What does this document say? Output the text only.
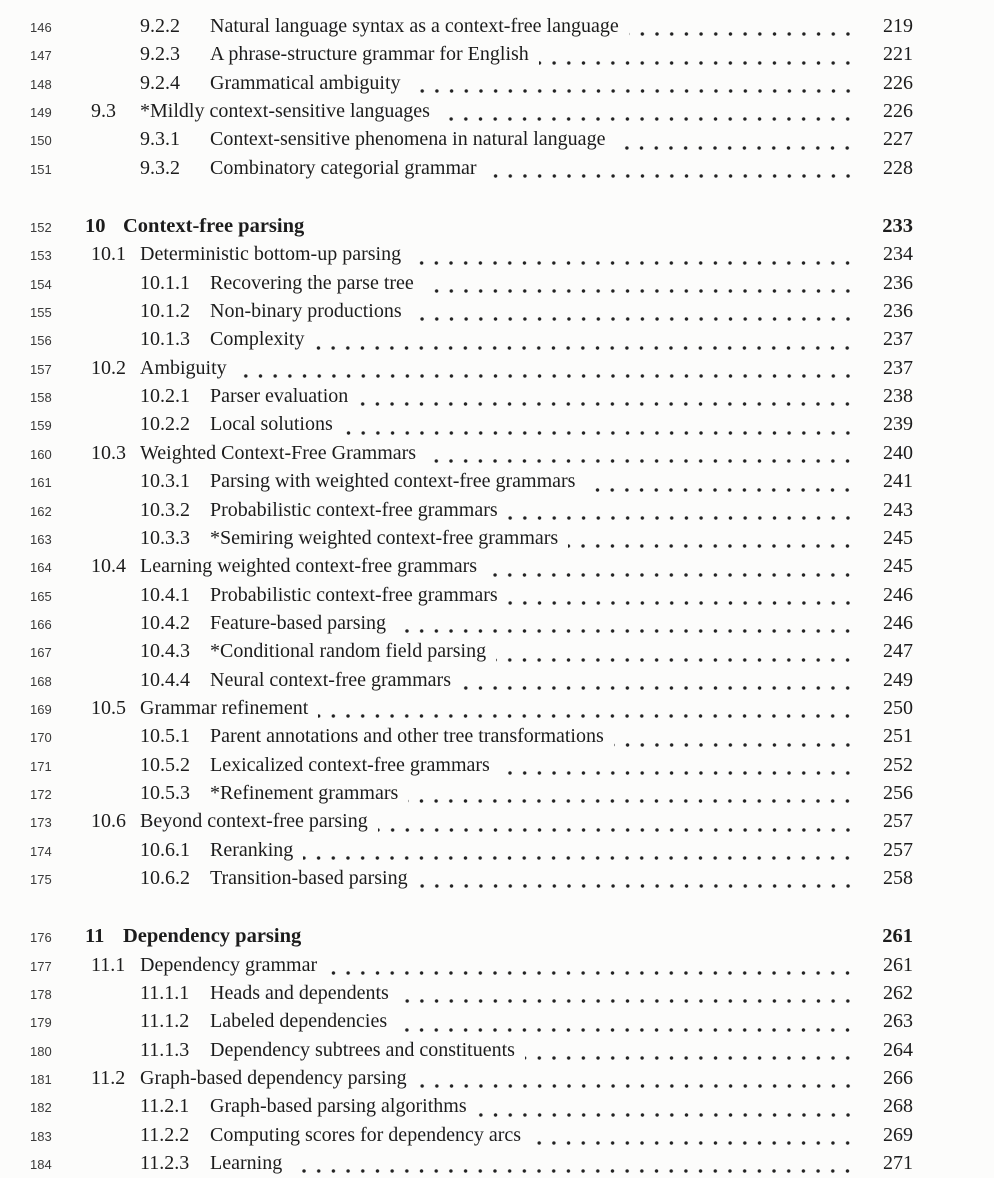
146	9.2.2	Natural language syntax as a context-free language	219
147	9.2.3	A phrase-structure grammar for English	221
148	9.2.4	Grammatical ambiguity	226
149	9.3	*Mildly context-sensitive languages	226
150	9.3.1	Context-sensitive phenomena in natural language	227
151	9.3.2	Combinatory categorial grammar	228
152	10 Context-free parsing	233
153	10.1 Deterministic bottom-up parsing	234
154	10.1.1	Recovering the parse tree	236
155	10.1.2	Non-binary productions	236
156	10.1.3	Complexity	237
157	10.2 Ambiguity	237
158	10.2.1	Parser evaluation	238
159	10.2.2	Local solutions	239
160	10.3 Weighted Context-Free Grammars	240
161	10.3.1	Parsing with weighted context-free grammars	241
162	10.3.2	Probabilistic context-free grammars	243
163	10.3.3	*Semiring weighted context-free grammars	245
164	10.4 Learning weighted context-free grammars	245
165	10.4.1	Probabilistic context-free grammars	246
166	10.4.2	Feature-based parsing	246
167	10.4.3	*Conditional random field parsing	247
168	10.4.4	Neural context-free grammars	249
169	10.5 Grammar refinement	250
170	10.5.1	Parent annotations and other tree transformations	251
171	10.5.2	Lexicalized context-free grammars	252
172	10.5.3	*Refinement grammars	256
173	10.6 Beyond context-free parsing	257
174	10.6.1	Reranking	257
175	10.6.2	Transition-based parsing	258
176	11 Dependency parsing	261
177	11.1 Dependency grammar	261
178	11.1.1	Heads and dependents	262
179	11.1.2	Labeled dependencies	263
180	11.1.3	Dependency subtrees and constituents	264
181	11.2 Graph-based dependency parsing	266
182	11.2.1	Graph-based parsing algorithms	268
183	11.2.2	Computing scores for dependency arcs	269
184	11.2.3	Learning	271
